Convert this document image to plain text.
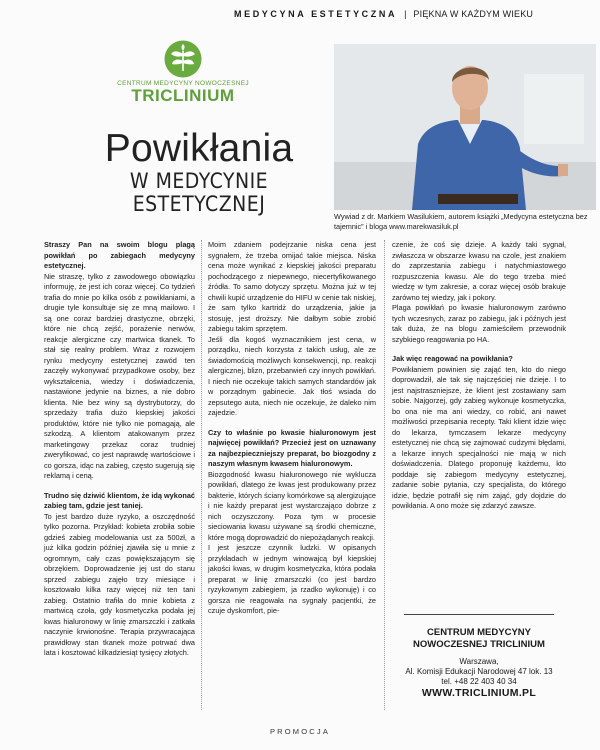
MEDYCYNA ESTETYCZNA | PIĘKNA W KAŻDYM WIEKU
CENTRUM MEDYCYNY NOWOCZESNEJ
TRICLINIUM
Powikłania
W MEDYCYNIE
ESTETYCZNEJ
Wywiad z dr. Markiem Wasilukiem, autorem książki „Medycyna estetyczna bez tajemnic” i bloga www.marekwasiluk.pl

Straszy Pan na swoim blogu plagą powikłań po zabiegach medycyny estetycznej.

Nie straszę, tylko z zawodowego obowiązku informuję, że jest ich coraz więcej. Co tydzień trafia do mnie po kilka osób z powikłaniami, a drugie tyle konsultuje się ze mną mailowo. I są one coraz bardziej drastyczne, obrzęki, które nie chcą zejść, porażenie nerwów, reakcje alergiczne czy martwica tkanek. To stał się realny problem. Wraz z rozwojem rynku medycyny estetycznej zawód ten zaczęły wykonywać przypadkowe osoby, bez wykształcenia, wiedzy i doświadczenia, nastawione jedynie na biznes, a nie dobro klienta. Nie bez winy są dystrybutorzy, do sprzedaży trafia dużo kiepskiej jakości produktów, które nie tylko nie pomagają, ale szkodzą. A klientom atakowanym przez marketingowy przekaz coraz trudniej zweryfikować, co jest naprawdę wartościowe i co gorsza, idąc na zabieg, często sugerują się reklamą i ceną.

Trudno się dziwić klientom, że idą wykonać zabieg tam, gdzie jest taniej.

To jest bardzo duże ryzyko, a oszczędność tylko pozorna. Przykład: kobieta zrobiła sobie gdzieś zabieg modelowania ust za 500zł, a już kilka godzin później zjawiła się u mnie z ogromnym, cały czas powiększającym się obrzękiem. Doprowadzenie jej ust do stanu sprzed zabiegu zajęło trzy miesiące i kosztowało kilka razy więcej niż ten tani zabieg. Ostatnio trafiła do mnie kobieta z martwicą czoła, gdy kosmetyczka podała jej kwas hialuronowy w linię zmarszczki i zatkała naczynie krwionośne. Terapia przywracająca prawidłowy stan tkanek może potrwać dwa lata i kosztować kilkadziesiąt tysięcy złotych.

Moim zdaniem podejrzanie niska cena jest sygnałem, że trzeba omijać takie miejsca. Niska cena może wynikać z kiepskiej jakości preparatu pochodzącego z niepewnego, niecertyfikowanego źródła. To samo dotyczy sprzętu. Można już w tej chwili kupić urządzenie do HIFU w cenie tak niskiej, że sam tylko kartridż do urządzenia, jakie ja stosuję, jest droższy. Nie dałbym sobie zrobić zabiegu takim sprzętem.

Jeśli dla kogoś wyznacznikiem jest cena, w porządku, niech korzysta z takich usług, ale ze świadomością możliwych konsekwencji, np. reakcji alergicznej, blizn, przebarwień czy innych powikłań. I niech nie oczekuje takich samych standardów jak w porządnym gabinecie. Jak tłoś wsiada do zepsutego auta, niech nie oczekuje, że daleko nim zajedzie.

Czy to właśnie po kwasie hialuronowym jest najwięcej powikłań? Przecież jest on uznawany za najbezpieczniejszy preparat, bo biozgodny z naszym własnym kwasem hialuronowym.

Biozgodność kwasu hialuronowego nie wyklucza powikłań, dlatego że kwas jest produkowany przez bakterie, których ściany komórkowe są alergizujące i nie każdy preparat jest wystarczająco dobrze z nich oczyszczony. Poza tym w procesie sieciowania kwasu używane są środki chemiczne, które mogą doprowadzić do niepożądanych reakcji.

I jest jeszcze czynnik ludzki. W opisanych przykładach w jednym winowajcą był kiepskiej jakości kwas, w drugim kosmetyczka, która podała preparat w linię zmarszczki (co jest bardzo ryzykownym zabiegiem, ja rzadko wykonuję) i co gorsza nie reagowała na sygnały pacjentki, że czuje dyskomfort, pie-

czenie, że coś się dzieje. A każdy taki sygnał, zwłaszcza w obszarze kwasu na czole, jest znakiem do zaprzestania zabiegu i natychmiastowego rozpuszczenia kwasu. Ale do tego trzeba mieć wiedzę w tym zakresie, a coraz więcej osób brakuje zarówno tej wiedzy, jak i pokory.

Plaga powikłań po kwasie hialuronowym zarówno tych wczesnych, zaraz po zabiegu, jak i późnych jest tak duża, że na blogu zamieściłem przewodnik szybkiego reagowania po HA.

Jak więc reagować na powikłania?

Powikłaniem powinien się zająć ten, kto do niego doprowadził, ale tak się najczęściej nie dzieje. I to jest najstraszniejsze, że klient jest zostawiany sam sobie. Najgorzej, gdy zabieg wykonuje kosmetyczka, bo ona nie ma ani wiedzy, co robić, ani nawet możliwości przepisania recepty. Taki klient idzie więc do lekarza, tymczasem lekarze medycyny estetycznej nie chcą się zajmować cudzymi błędami, a lekarze innych specjalności nie mają w nich doświadczenia. Dlatego proponuję każdemu, kto poddaje się zabiegom medycyny estetycznej, zadanie sobie pytania, czy specjalista, do którego idzie, będzie potrafił się nim zająć, gdy dojdzie do powikłania. A ono może się zdarzyć zawsze.

CENTRUM MEDYCYNY
NOWOCZESNEJ TRICLINIUM
Warszawa,
Al. Komisji Edukacji Narodowej 47 lok. 13
tel. +48 22 403 40 34
WWW.TRICLINIUM.PL
PROMOCJA
